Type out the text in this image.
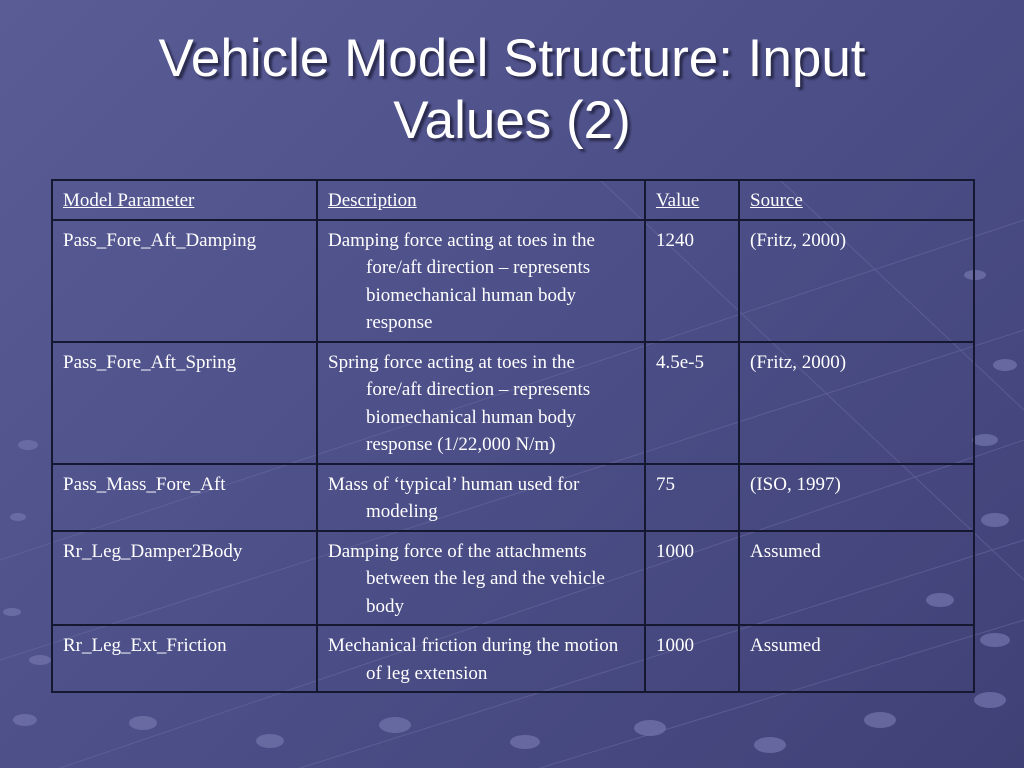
Vehicle Model Structure: Input
Values (2)
Model Parameter	Description	Value	Source
Pass_Fore_Aft_Damping	Damping force acting at toes in the fore/aft direction – represents biomechanical human body response	1240	(Fritz, 2000)
Pass_Fore_Aft_Spring	Spring force acting at toes in the fore/aft direction – represents biomechanical human body response (1/22,000 N/m)	4.5e-5	(Fritz, 2000)
Pass_Mass_Fore_Aft	Mass of ‘typical’ human used for modeling	75	(ISO, 1997)
Rr_Leg_Damper2Body	Damping force of the attachments between the leg and the vehicle body	1000	Assumed
Rr_Leg_Ext_Friction	Mechanical friction during the motion of leg extension	1000	Assumed
